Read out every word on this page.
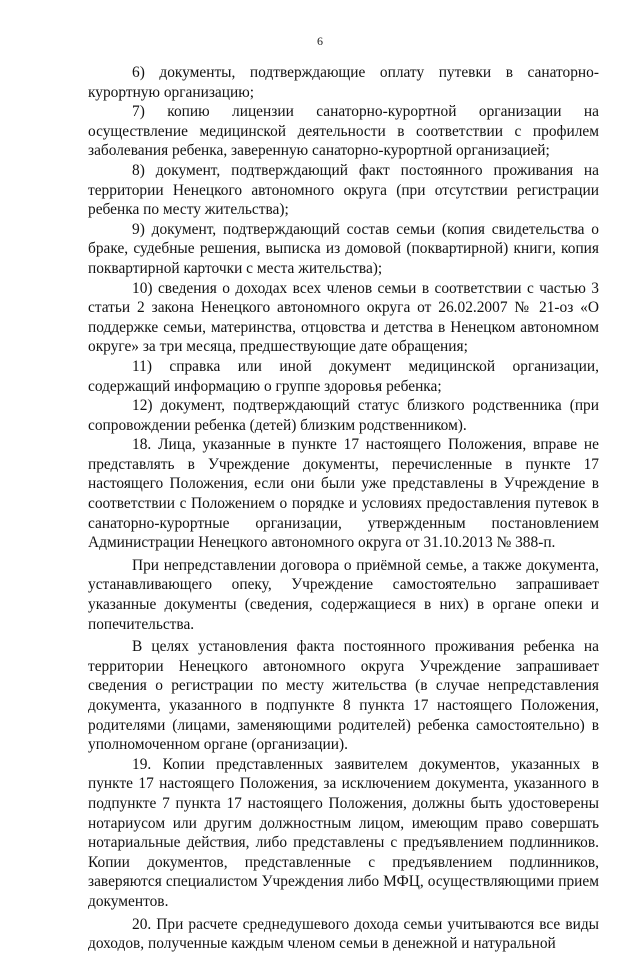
6

6) документы, подтверждающие оплату путевки в санаторно-курортную организацию;

7) копию лицензии санаторно-курортной организации на осуществление медицинской деятельности в соответствии с профилем заболевания ребенка, заверенную санаторно-курортной организацией;

8) документ, подтверждающий факт постоянного проживания на территории Ненецкого автономного округа (при отсутствии регистрации ребенка по месту жительства);

9) документ, подтверждающий состав семьи (копия свидетельства о браке, судебные решения, выписка из домовой (поквартирной) книги, копия поквартирной карточки с места жительства);

10) сведения о доходах всех членов семьи в соответствии с частью 3 статьи 2 закона Ненецкого автономного округа от 26.02.2007 № 21-оз «О поддержке семьи, материнства, отцовства и детства в Ненецком автономном округе» за три месяца, предшествующие дате обращения;

11) справка или иной документ медицинской организации, содержащий информацию о группе здоровья ребенка;

12) документ, подтверждающий статус близкого родственника (при сопровождении ребенка (детей) близким родственником).

18. Лица, указанные в пункте 17 настоящего Положения, вправе не представлять в Учреждение документы, перечисленные в пункте 17 настоящего Положения, если они были уже представлены в Учреждение в соответствии с Положением о порядке и условиях предоставления путевок в санаторно-курортные организации, утвержденным постановлением Администрации Ненецкого автономного округа от 31.10.2013 № 388-п.

При непредставлении договора о приёмной семье, а также документа, устанавливающего опеку, Учреждение самостоятельно запрашивает указанные документы (сведения, содержащиеся в них) в органе опеки и попечительства.

В целях установления факта постоянного проживания ребенка на территории Ненецкого автономного округа Учреждение запрашивает сведения о регистрации по месту жительства (в случае непредставления документа, указанного в подпункте 8 пункта 17 настоящего Положения, родителями (лицами, заменяющими родителей) ребенка самостоятельно) в уполномоченном органе (организации).

19. Копии представленных заявителем документов, указанных в пункте 17 настоящего Положения, за исключением документа, указанного в подпункте 7 пункта 17 настоящего Положения, должны быть удостоверены нотариусом или другим должностным лицом, имеющим право совершать нотариальные действия, либо представлены с предъявлением подлинников. Копии документов, представленные с предъявлением подлинников, заверяются специалистом Учреждения либо МФЦ, осуществляющими прием документов.

20. При расчете среднедушевого дохода семьи учитываются все виды доходов, полученные каждым членом семьи в денежной и натуральной
